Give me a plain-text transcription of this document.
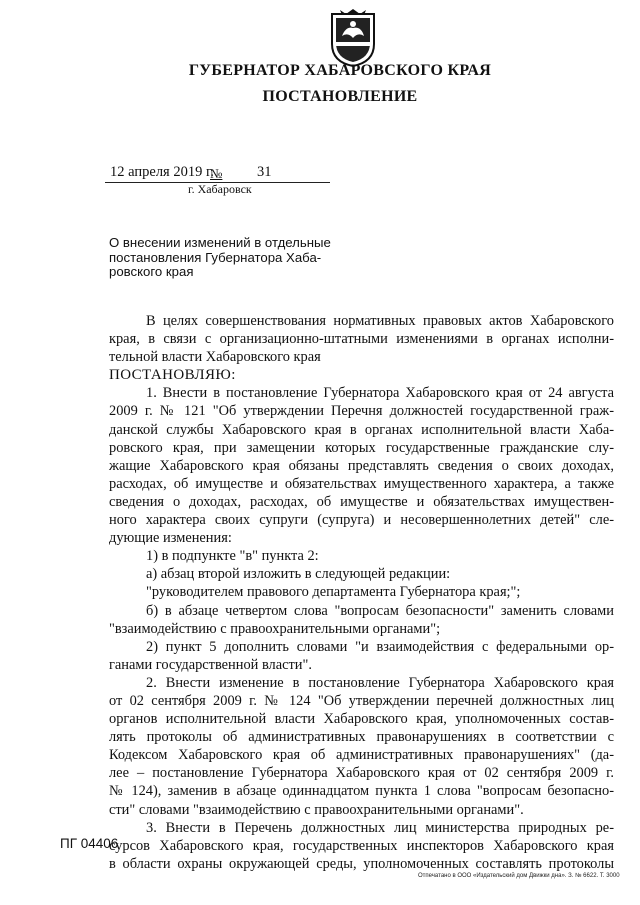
ГУБЕРНАТОР ХАБАРОВСКОГО КРАЯ
ПОСТАНОВЛЕНИЕ
12 апреля 2019 г.
№ 31
г. Хабаровск
О внесении изменений в отдельные
постановления Губернатора Хаба-
ровского края
В целях совершенствования нормативных правовых актов Хабаровского
края, в связи с организационно-штатными изменениями в органах исполни-
тельной власти Хабаровского края
ПОСТАНОВЛЯЮ:
1. Внести в постановление Губернатора Хабаровского края от 24 августа
2009 г. № 121 "Об утверждении Перечня должностей государственной граж-
данской службы Хабаровского края в органах исполнительной власти Хаба-
ровского края, при замещении которых государственные гражданские слу-
жащие Хабаровского края обязаны представлять сведения о своих доходах,
расходах, об имуществе и обязательствах имущественного характера, а также
сведения о доходах, расходах, об имуществе и обязательствах имуществен-
ного характера своих супруги (супруга) и несовершеннолетних детей" сле-
дующие изменения:
1) в подпункте "в" пункта 2:
а) абзац второй изложить в следующей редакции:
"руководителем правового департамента Губернатора края;";
б) в абзаце четвертом слова "вопросам безопасности" заменить словами
"взаимодействию с правоохранительными органами";
2) пункт 5 дополнить словами "и взаимодействия с федеральными ор-
ганами государственной власти".
2. Внести изменение в постановление Губернатора Хабаровского края
от 02 сентября 2009 г. № 124 "Об утверждении перечней должностных лиц
органов исполнительной власти Хабаровского края, уполномоченных состав-
лять протоколы об административных правонарушениях в соответствии с
Кодексом Хабаровского края об административных правонарушениях" (да-
лее – постановление Губернатора Хабаровского края от 02 сентября 2009 г.
№ 124), заменив в абзаце одиннадцатом пункта 1 слова "вопросам безопасно-
сти" словами "взаимодействию с правоохранительными органами".
3. Внести в Перечень должностных лиц министерства природных ре-
сурсов Хабаровского края, государственных инспекторов Хабаровского края
в области охраны окружающей среды, уполномоченных составлять протоколы
ПГ 04406
Отпечатано в ООО «Издательский дом Движки дна». З. № 6622. Т. 3000
